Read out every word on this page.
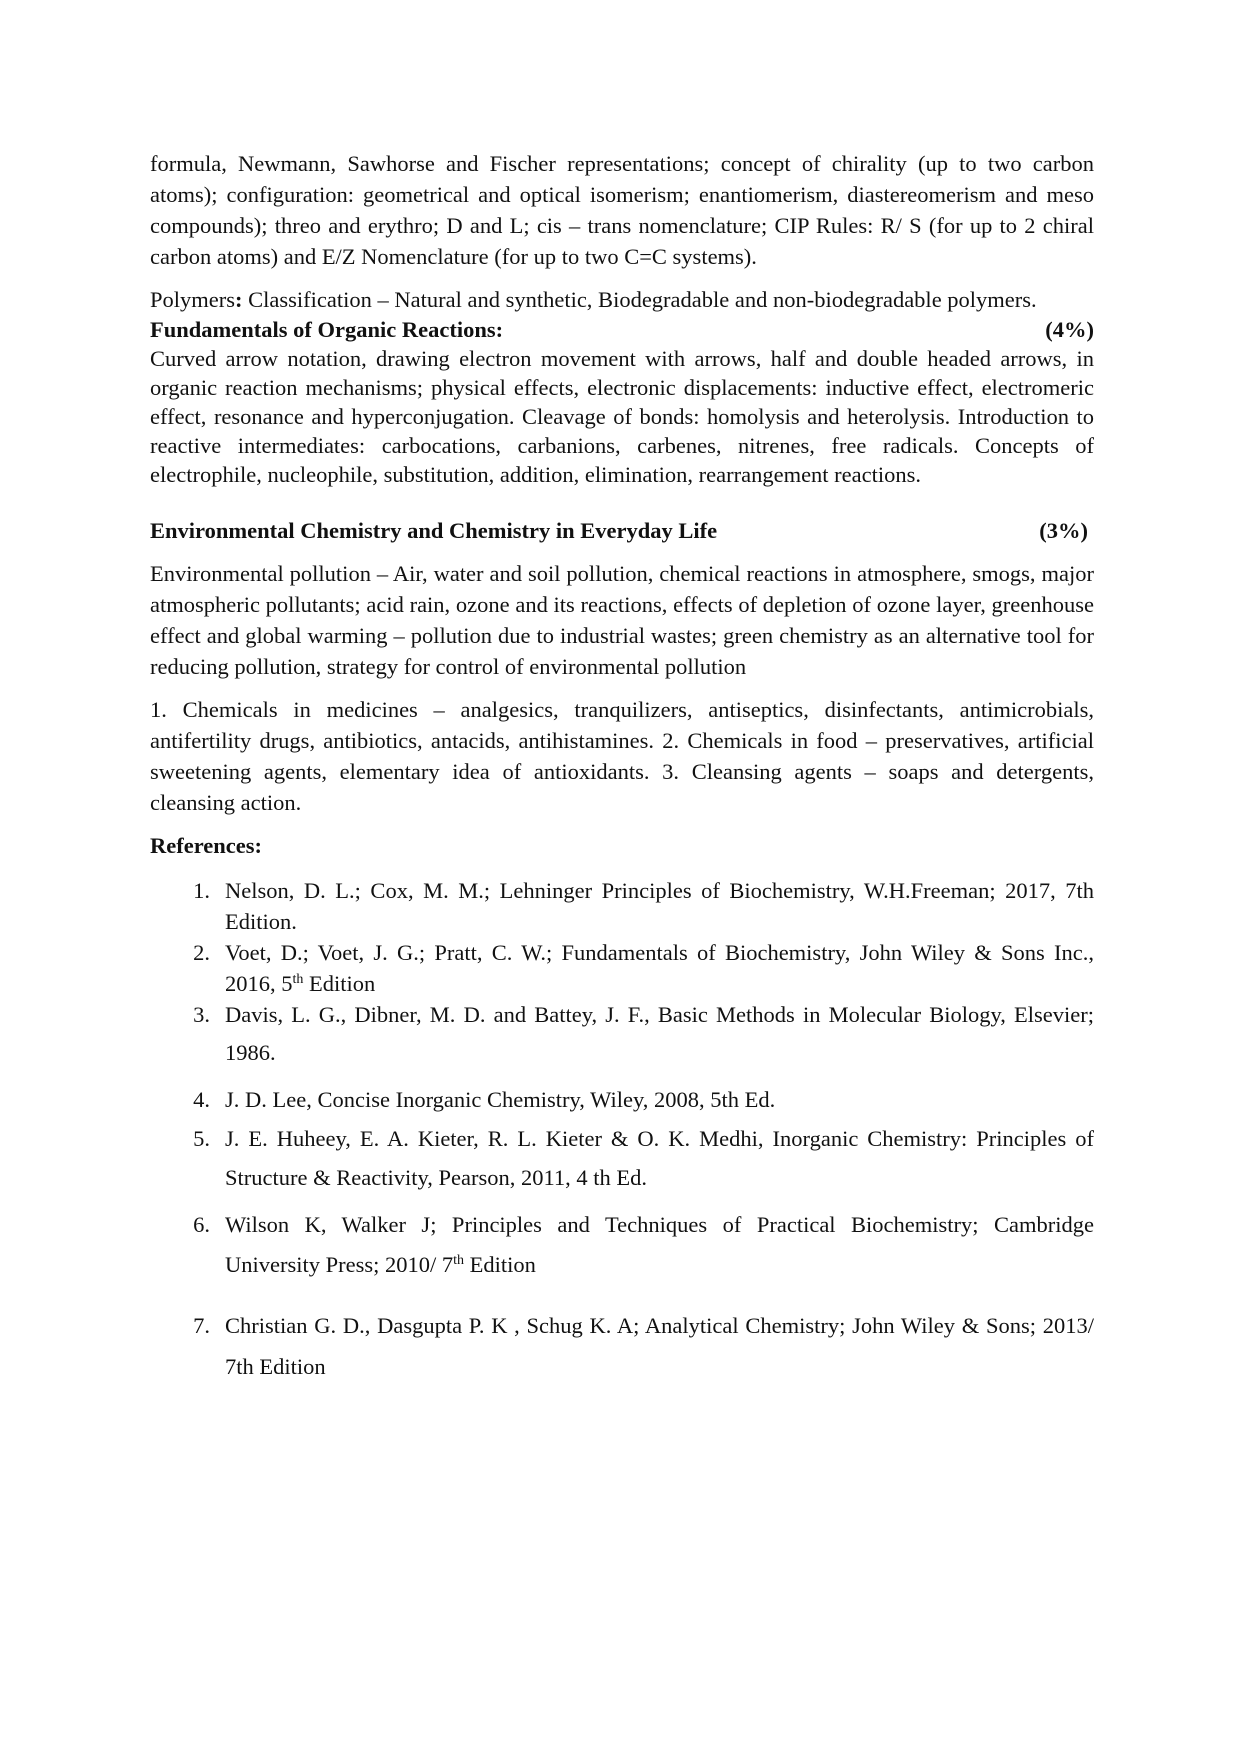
formula, Newmann, Sawhorse and Fischer representations; concept of chirality (up to two carbon atoms); configuration: geometrical and optical isomerism; enantiomerism, diastereomerism and meso compounds); threo and erythro; D and L; cis – trans nomenclature; CIP Rules: R/ S (for up to 2 chiral carbon atoms) and E/Z Nomenclature (for up to two C=C systems).

Polymers: Classification – Natural and synthetic, Biodegradable and non-biodegradable polymers.

Fundamentals of Organic Reactions:	(4%)

Curved arrow notation, drawing electron movement with arrows, half and double headed arrows, in organic reaction mechanisms; physical effects, electronic displacements: inductive effect, electromeric effect, resonance and hyperconjugation. Cleavage of bonds: homolysis and heterolysis. Introduction to reactive intermediates: carbocations, carbanions, carbenes, nitrenes, free radicals. Concepts of electrophile, nucleophile, substitution, addition, elimination, rearrangement reactions.

Environmental Chemistry and Chemistry in Everyday Life	(3%)

Environmental pollution – Air, water and soil pollution, chemical reactions in atmosphere, smogs, major atmospheric pollutants; acid rain, ozone and its reactions, effects of depletion of ozone layer, greenhouse effect and global warming – pollution due to industrial wastes; green chemistry as an alternative tool for reducing pollution, strategy for control of environmental pollution

1. Chemicals in medicines – analgesics, tranquilizers, antiseptics, disinfectants, antimicrobials, antifertility drugs, antibiotics, antacids, antihistamines. 2. Chemicals in food – preservatives, artificial sweetening agents, elementary idea of antioxidants. 3. Cleansing agents – soaps and detergents, cleansing action.

References:

1. Nelson, D. L.; Cox, M. M.; Lehninger Principles of Biochemistry, W.H.Freeman; 2017, 7th Edition.
2. Voet, D.; Voet, J. G.; Pratt, C. W.; Fundamentals of Biochemistry, John Wiley & Sons Inc., 2016, 5th Edition
3. Davis, L. G., Dibner, M. D. and Battey, J. F., Basic Methods in Molecular Biology, Elsevier; 1986.
4. J. D. Lee, Concise Inorganic Chemistry, Wiley, 2008, 5th Ed.
5. J. E. Huheey, E. A. Kieter, R. L. Kieter & O. K. Medhi, Inorganic Chemistry: Principles of Structure & Reactivity, Pearson, 2011, 4 th Ed.
6. Wilson K, Walker J; Principles and Techniques of Practical Biochemistry; Cambridge University Press; 2010/ 7th Edition
7. Christian G. D., Dasgupta P. K , Schug K. A; Analytical Chemistry; John Wiley & Sons; 2013/ 7th Edition
